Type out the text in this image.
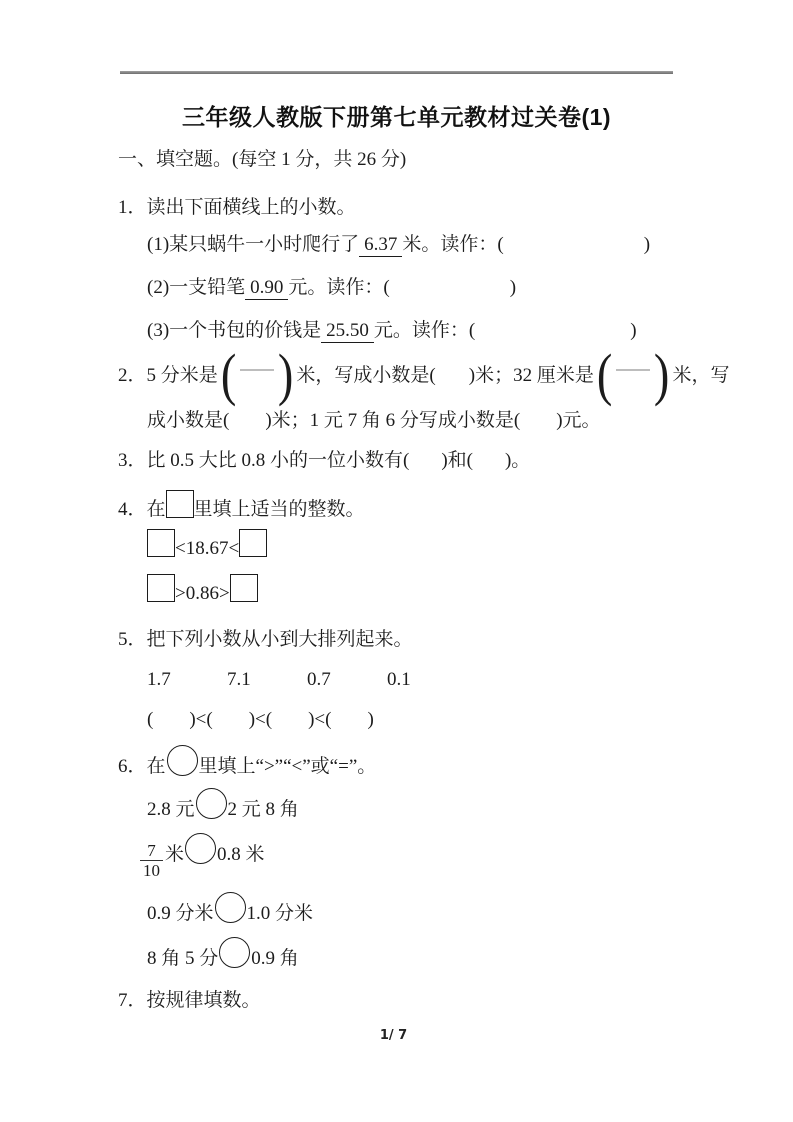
三年级人教版下册第七单元教材过关卷(1)
一、填空题。(每空 1 分，共 26 分)
1．读出下面横线上的小数。
(1)某只蜗牛一小时爬行了 6.37 米。读作：(	)
(2)一支铅笔 0.90 元。读作：(	)
(3)一个书包的价钱是 25.50 元。读作：(	)
2．5 分米是 ( ) 米，写成小数是( )米；32 厘米是 ( ) 米，写
成小数是( )米；1 元 7 角 6 分写成小数是( )元。
3．比 0.5 大比 0.8 小的一位小数有( )和( )。
4．在 里填上适当的整数。
<18.67<
>0.86>
5．把下列小数从小到大排列起来。
1.7	7.1	0.7	0.1
( )<( )<( )<( )
6．在 里填上“>”“<”或“=”。
2.8 元 2 元 8 角
$\frac{7}{10}$ 米 0.8 米
0.9 分米 1.0 分米
8 角 5 分 0.9 角
7．按规律填数。
1/ 7
